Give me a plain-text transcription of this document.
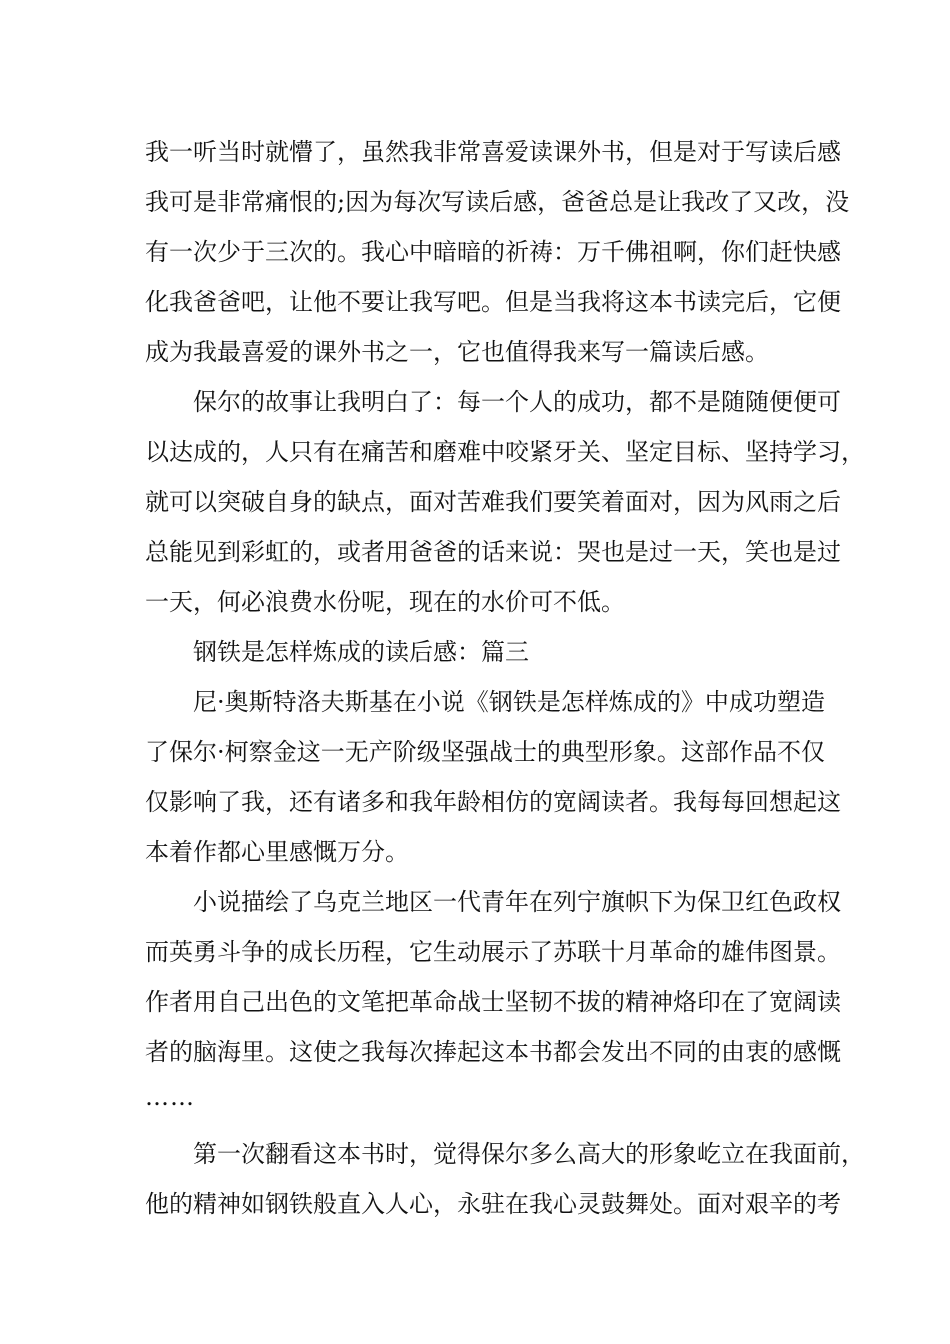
我一听当时就懵了，虽然我非常喜爱读课外书，但是对于写读后感
我可是非常痛恨的;因为每次写读后感，爸爸总是让我改了又改，没
有一次少于三次的。我心中暗暗的祈祷：万千佛祖啊，你们赶快感
化我爸爸吧，让他不要让我写吧。但是当我将这本书读完后，它便
成为我最喜爱的课外书之一，它也值得我来写一篇读后感。
保尔的故事让我明白了：每一个人的成功，都不是随随便便可
以达成的，人只有在痛苦和磨难中咬紧牙关、坚定目标、坚持学习，
就可以突破自身的缺点，面对苦难我们要笑着面对，因为风雨之后
总能见到彩虹的，或者用爸爸的话来说：哭也是过一天，笑也是过
一天，何必浪费水份呢，现在的水价可不低。
钢铁是怎样炼成的读后感：篇三
尼·奥斯特洛夫斯基在小说《钢铁是怎样炼成的》中成功塑造
了保尔·柯察金这一无产阶级坚强战士的典型形象。这部作品不仅
仅影响了我，还有诸多和我年龄相仿的宽阔读者。我每每回想起这
本着作都心里感慨万分。
小说描绘了乌克兰地区一代青年在列宁旗帜下为保卫红色政权
而英勇斗争的成长历程，它生动展示了苏联十月革命的雄伟图景。
作者用自己出色的文笔把革命战士坚韧不拔的精神烙印在了宽阔读
者的脑海里。这使之我每次捧起这本书都会发出不同的由衷的感慨
……
第一次翻看这本书时，觉得保尔多么高大的形象屹立在我面前，
他的精神如钢铁般直入人心，永驻在我心灵鼓舞处。面对艰辛的考
